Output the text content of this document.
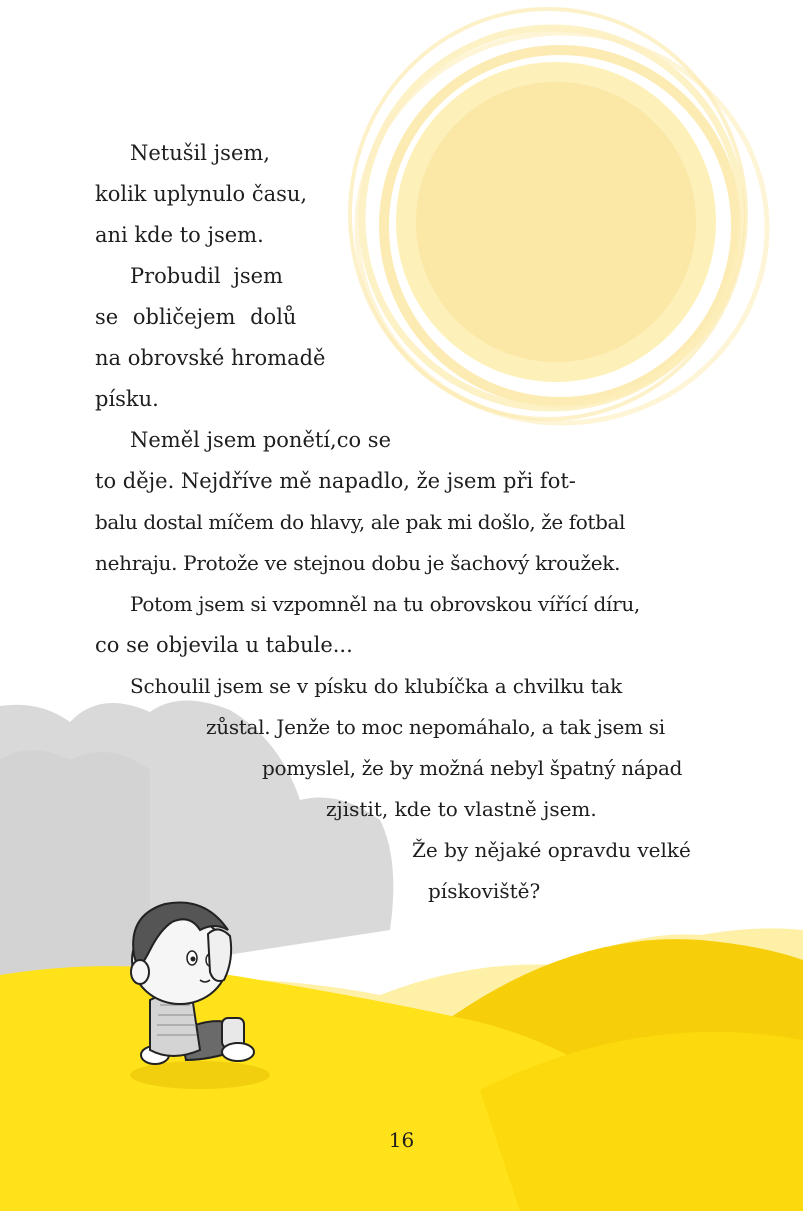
Netušil jsem,
kolik uplynulo času,
ani kde to jsem.
Probudil jsem
se obličejem dolů
na obrovské hromadě
písku.
Neměl jsem ponětí,co se
to děje. Nejdříve mě napadlo, že jsem při fot-
balu dostal míčem do hlavy, ale pak mi došlo, že fotbal
nehraju. Protože ve stejnou dobu je šachový kroužek.
Potom jsem si vzpomněl na tu obrovskou vířící díru,
co se objevila u tabule...
Schoulil jsem se v písku do klubíčka a chvilku tak
zůstal. Jenže to moc nepomáhalo, a tak jsem si
pomyslel, že by možná nebyl špatný nápad
zjistit, kde to vlastně jsem.
Že by nějaké opravdu velké
pískoviště?
16
